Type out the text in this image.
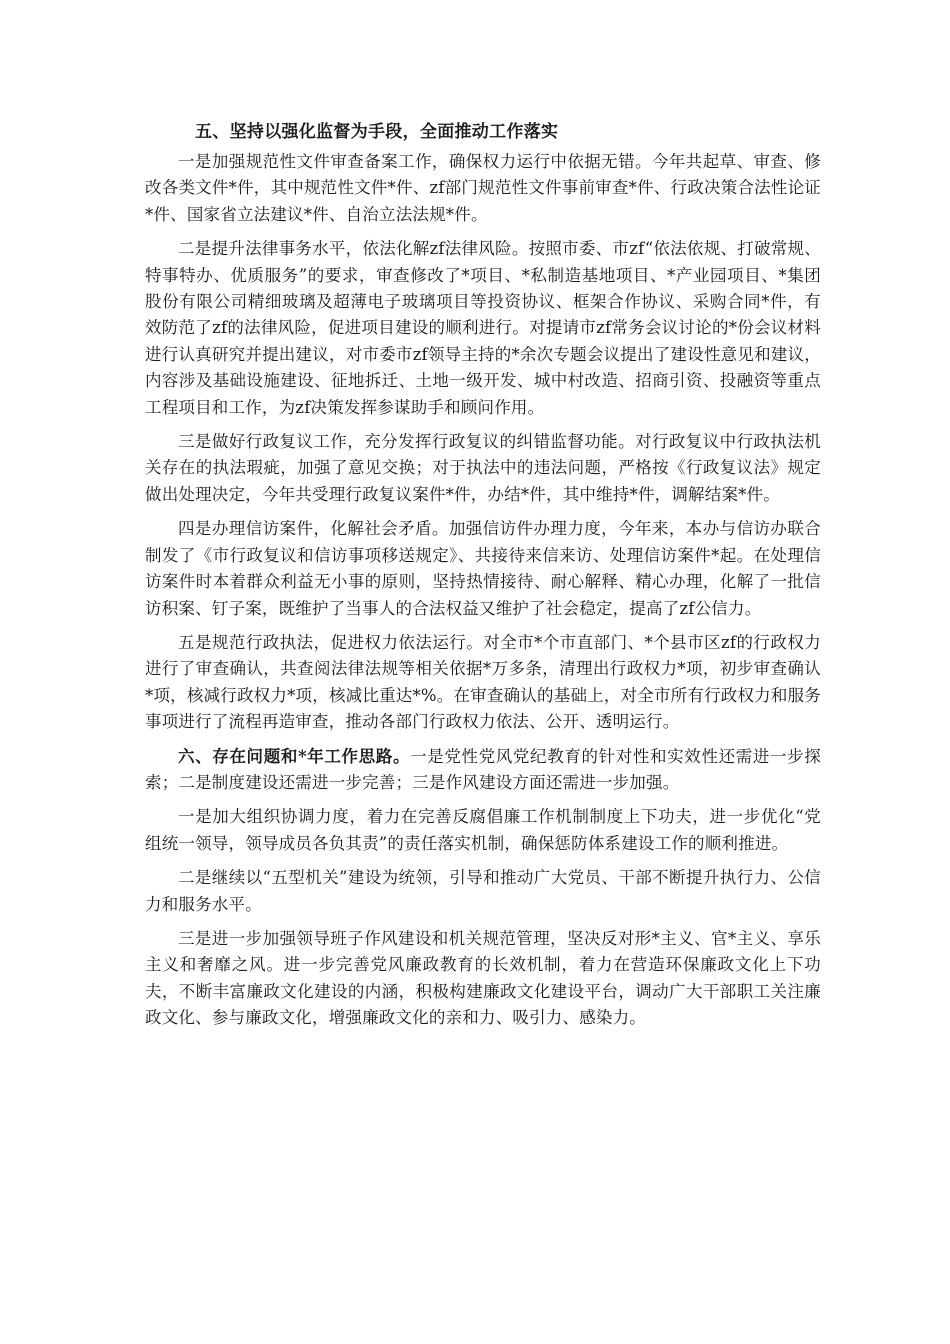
五、坚持以强化监督为手段，全面推动工作落实

一是加强规范性文件审查备案工作，确保权力运行中依据无错。今年共起草、审查、修改各类文件*件，其中规范性文件*件、zf部门规范性文件事前审查*件、行政决策合法性论证*件、国家省立法建议*件、自治立法法规*件。

二是提升法律事务水平，依法化解zf法律风险。按照市委、市zf“依法依规、打破常规、特事特办、优质服务”的要求，审查修改了*项目、*私制造基地项目、*产业园项目、*集团股份有限公司精细玻璃及超薄电子玻璃项目等投资协议、框架合作协议、采购合同*件，有效防范了zf的法律风险，促进项目建设的顺利进行。对提请市zf常务会议讨论的*份会议材料进行认真研究并提出建议，对市委市zf领导主持的*余次专题会议提出了建设性意见和建议，内容涉及基础设施建设、征地拆迁、土地一级开发、城中村改造、招商引资、投融资等重点工程项目和工作，为zf决策发挥参谋助手和顾问作用。

三是做好行政复议工作，充分发挥行政复议的纠错监督功能。对行政复议中行政执法机关存在的执法瑕疵，加强了意见交换；对于执法中的违法问题，严格按《行政复议法》规定做出处理决定，今年共受理行政复议案件*件，办结*件，其中维持*件，调解结案*件。

四是办理信访案件，化解社会矛盾。加强信访件办理力度，今年来，本办与信访办联合制发了《市行政复议和信访事项移送规定》、共接待来信来访、处理信访案件*起。在处理信访案件时本着群众利益无小事的原则，坚持热情接待、耐心解释、精心办理，化解了一批信访积案、钉子案，既维护了当事人的合法权益又维护了社会稳定，提高了zf公信力。

五是规范行政执法，促进权力依法运行。对全市*个市直部门、*个县市区zf的行政权力进行了审查确认，共查阅法律法规等相关依据*万多条，清理出行政权力*项，初步审查确认*项，核减行政权力*项，核减比重达*%。在审查确认的基础上，对全市所有行政权力和服务事项进行了流程再造审查，推动各部门行政权力依法、公开、透明运行。

六、存在问题和*年工作思路。一是党性党风党纪教育的针对性和实效性还需进一步探索；二是制度建设还需进一步完善；三是作风建设方面还需进一步加强。

一是加大组织协调力度，着力在完善反腐倡廉工作机制制度上下功夫，进一步优化“党组统一领导，领导成员各负其责”的责任落实机制，确保惩防体系建设工作的顺利推进。

二是继续以“五型机关”建设为统领，引导和推动广大党员、干部不断提升执行力、公信力和服务水平。

三是进一步加强领导班子作风建设和机关规范管理，坚决反对形*主义、官*主义、享乐主义和奢靡之风。进一步完善党风廉政教育的长效机制，着力在营造环保廉政文化上下功夫，不断丰富廉政文化建设的内涵，积极构建廉政文化建设平台，调动广大干部职工关注廉政文化、参与廉政文化，增强廉政文化的亲和力、吸引力、感染力。
